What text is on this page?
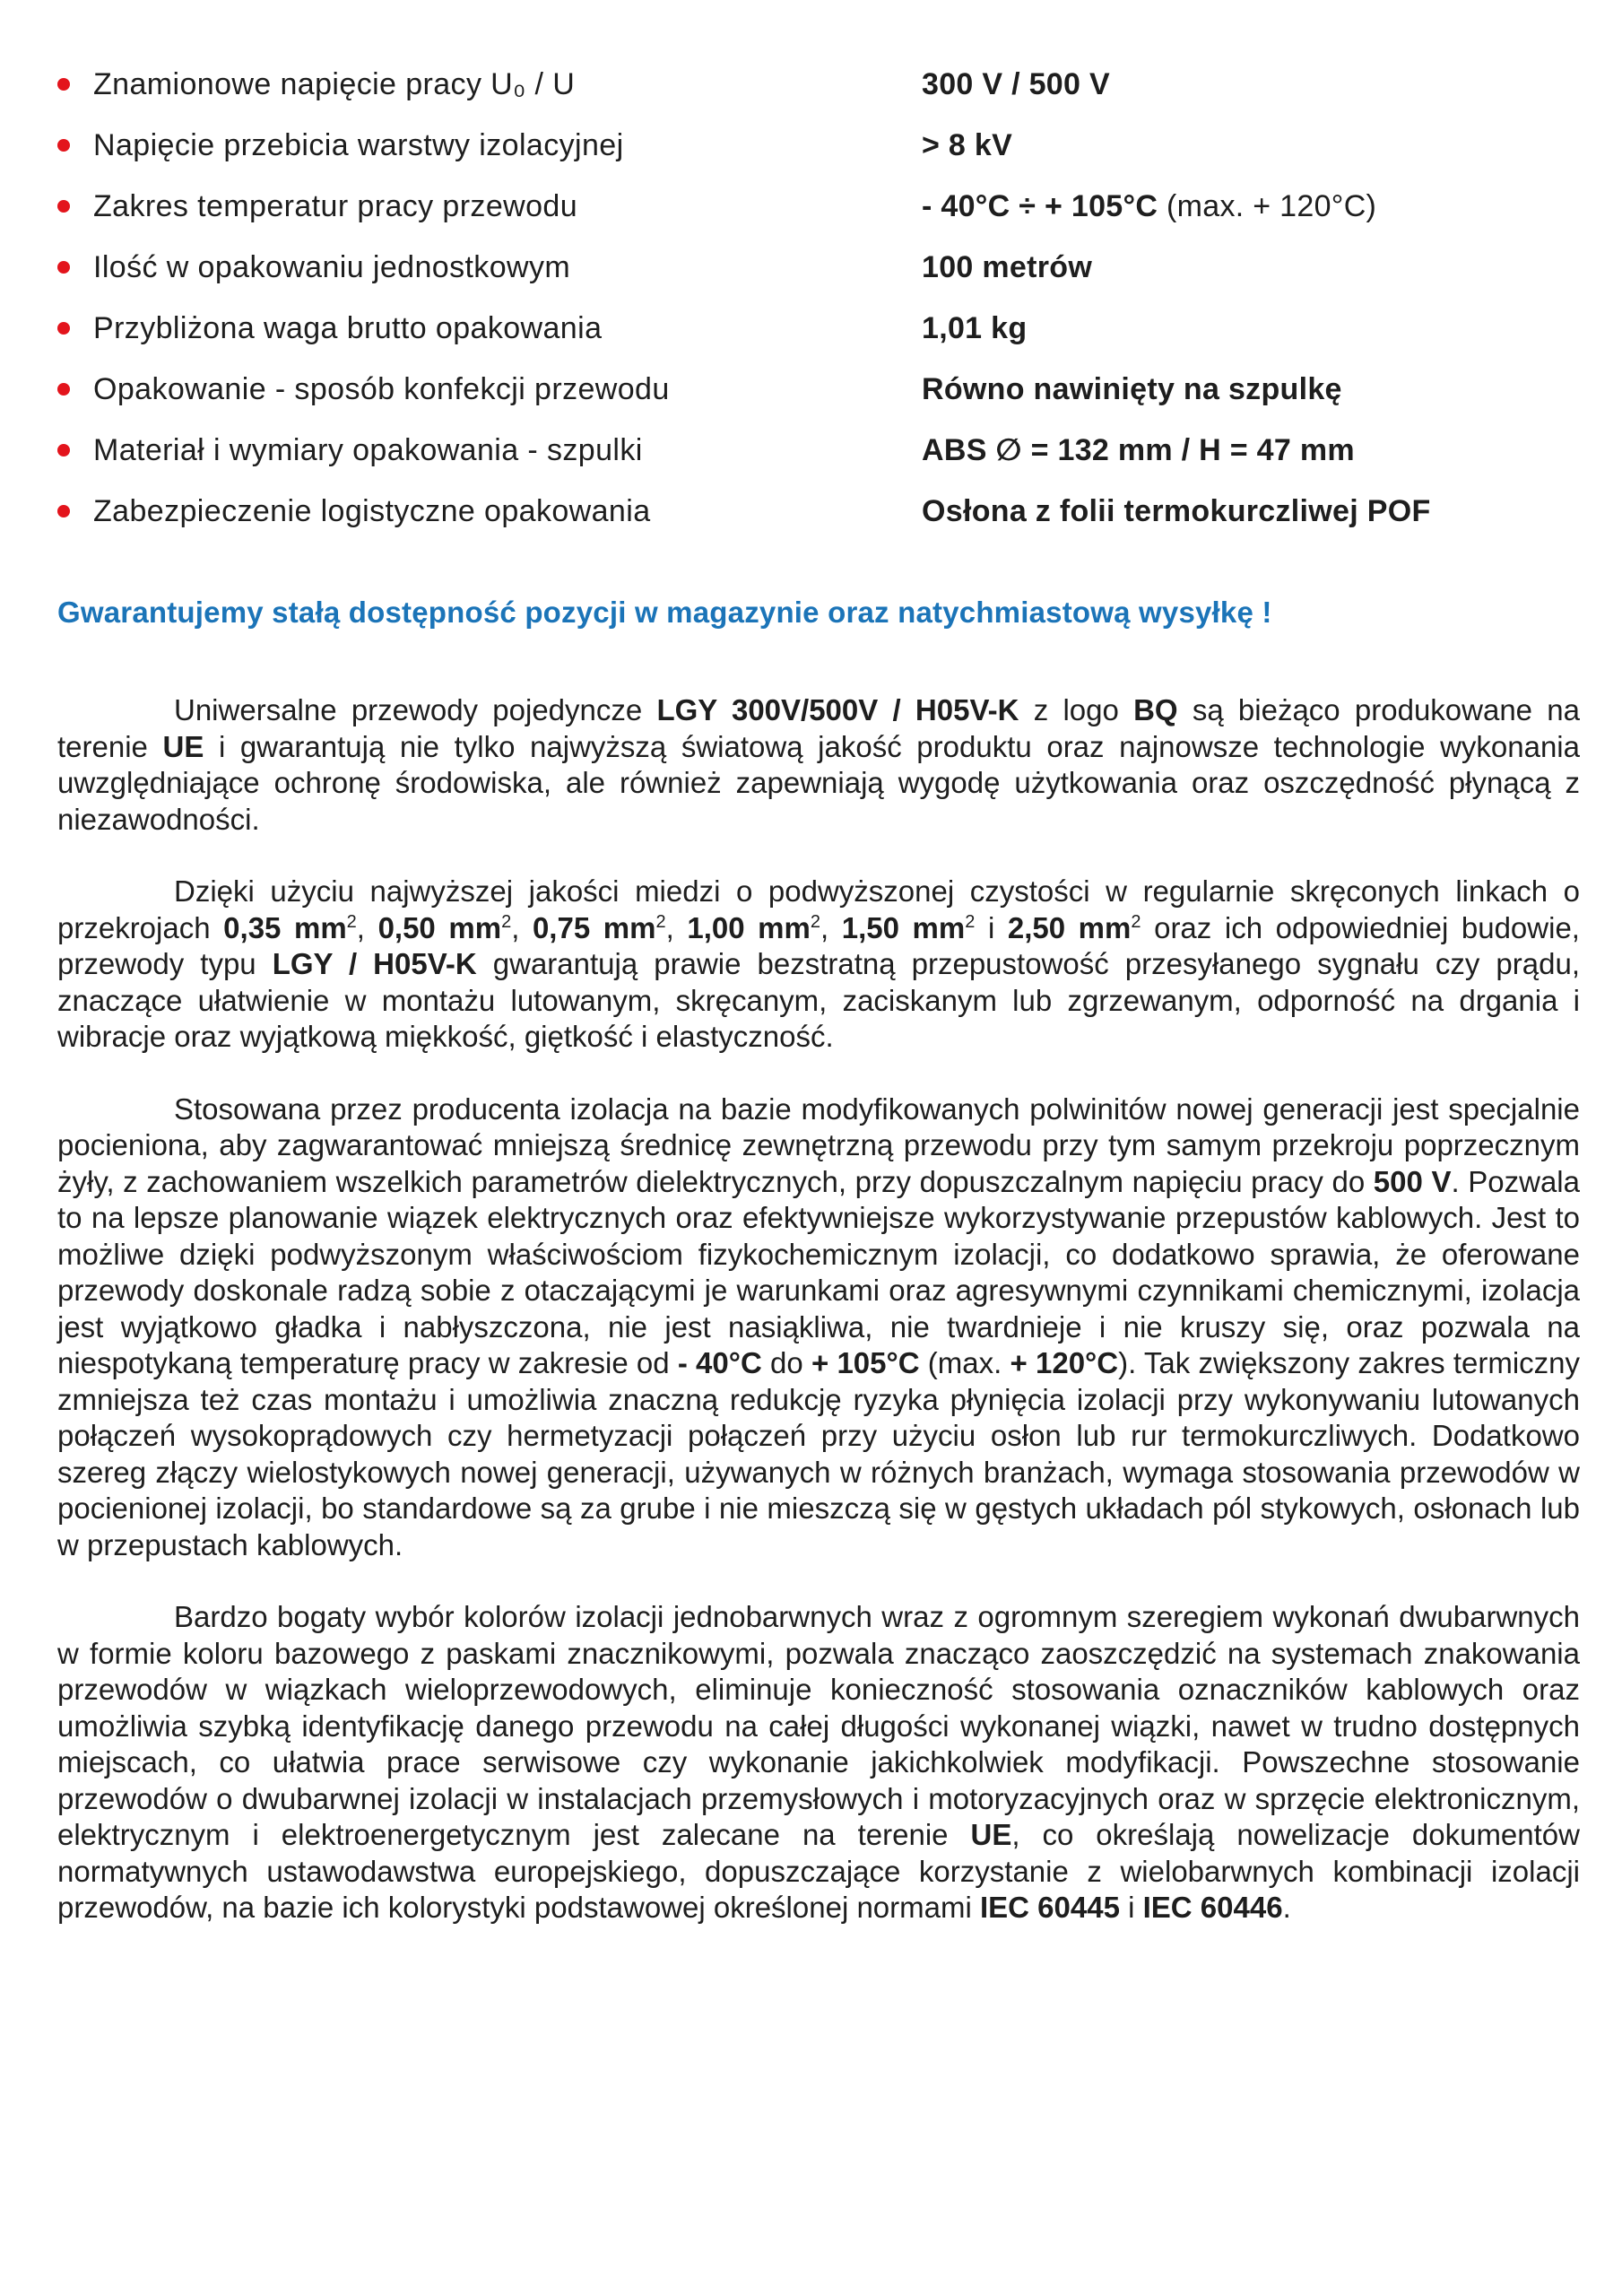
Znamionowe napięcie pracy U₀ / U	300 V / 500 V
Napięcie przebicia warstwy izolacyjnej	> 8 kV
Zakres temperatur pracy przewodu	- 40°C ÷ + 105°C (max. + 120°C)
Ilość w opakowaniu jednostkowym	100 metrów
Przybliżona waga brutto opakowania	1,01 kg
Opakowanie - sposób konfekcji przewodu	Równo nawinięty na szpulkę
Materiał i wymiary opakowania - szpulki	ABS ∅ = 132 mm / H = 47 mm
Zabezpieczenie logistyczne opakowania	Osłona z folii termokurczliwej POF
Gwarantujemy stałą dostępność pozycji w magazynie oraz natychmiastową wysyłkę !

Uniwersalne przewody pojedyncze LGY 300V/500V / H05V-K z logo BQ są bieżąco produkowane na terenie UE i gwarantują nie tylko najwyższą światową jakość produktu oraz najnowsze technologie wykonania uwzględniające ochronę środowiska, ale również zapewniają wygodę użytkowania oraz oszczędność płynącą z niezawodności.

Dzięki użyciu najwyższej jakości miedzi o podwyższonej czystości w regularnie skręconych linkach o przekrojach 0,35 $mm^2$, 0,50 $mm^2$, 0,75 $mm^2$, 1,00 $mm^2$, 1,50 $mm^2$ i 2,50 $mm^2$ oraz ich odpowiedniej budowie, przewody typu LGY / H05V-K gwarantują prawie bezstratną przepustowość przesyłanego sygnału czy prądu, znaczące ułatwienie w montażu lutowanym, skręcanym, zaciskanym lub zgrzewanym, odporność na drgania i wibracje oraz wyjątkową miękkość, giętkość i elastyczność.

Stosowana przez producenta izolacja na bazie modyfikowanych polwinitów nowej generacji jest specjalnie pocieniona, aby zagwarantować mniejszą średnicę zewnętrzną przewodu przy tym samym przekroju poprzecznym żyły, z zachowaniem wszelkich parametrów dielektrycznych, przy dopuszczalnym napięciu pracy do 500 V. Pozwala to na lepsze planowanie wiązek elektrycznych oraz efektywniejsze wykorzystywanie przepustów kablowych. Jest to możliwe dzięki podwyższonym właściwościom fizykochemicznym izolacji, co dodatkowo sprawia, że oferowane przewody doskonale radzą sobie z otaczającymi je warunkami oraz agresywnymi czynnikami chemicznymi, izolacja jest wyjątkowo gładka i nabłyszczona, nie jest nasiąkliwa, nie twardnieje i nie kruszy się, oraz pozwala na niespotykaną temperaturę pracy w zakresie od - 40°C do + 105°C (max. + 120°C). Tak zwiększony zakres termiczny zmniejsza też czas montażu i umożliwia znaczną redukcję ryzyka płynięcia izolacji przy wykonywaniu lutowanych połączeń wysokoprądowych czy hermetyzacji połączeń przy użyciu osłon lub rur termokurczliwych. Dodatkowo szereg złączy wielostykowych nowej generacji, używanych w różnych branżach, wymaga stosowania przewodów w pocienionej izolacji, bo standardowe są za grube i nie mieszczą się w gęstych układach pól stykowych, osłonach lub w przepustach kablowych.

Bardzo bogaty wybór kolorów izolacji jednobarwnych wraz z ogromnym szeregiem wykonań dwubarwnych w formie koloru bazowego z paskami znacznikowymi, pozwala znacząco zaoszczędzić na systemach znakowania przewodów w wiązkach wieloprzewodowych, eliminuje konieczność stosowania oznaczników kablowych oraz umożliwia szybką identyfikację danego przewodu na całej długości wykonanej wiązki, nawet w trudno dostępnych miejscach, co ułatwia prace serwisowe czy wykonanie jakichkolwiek modyfikacji. Powszechne stosowanie przewodów o dwubarwnej izolacji w instalacjach przemysłowych i motoryzacyjnych oraz w sprzęcie elektronicznym, elektrycznym i elektroenergetycznym jest zalecane na terenie UE, co określają nowelizacje dokumentów normatywnych ustawodawstwa europejskiego, dopuszczające korzystanie z wielobarwnych kombinacji izolacji przewodów, na bazie ich kolorystyki podstawowej określonej normami IEC 60445 i IEC 60446.
